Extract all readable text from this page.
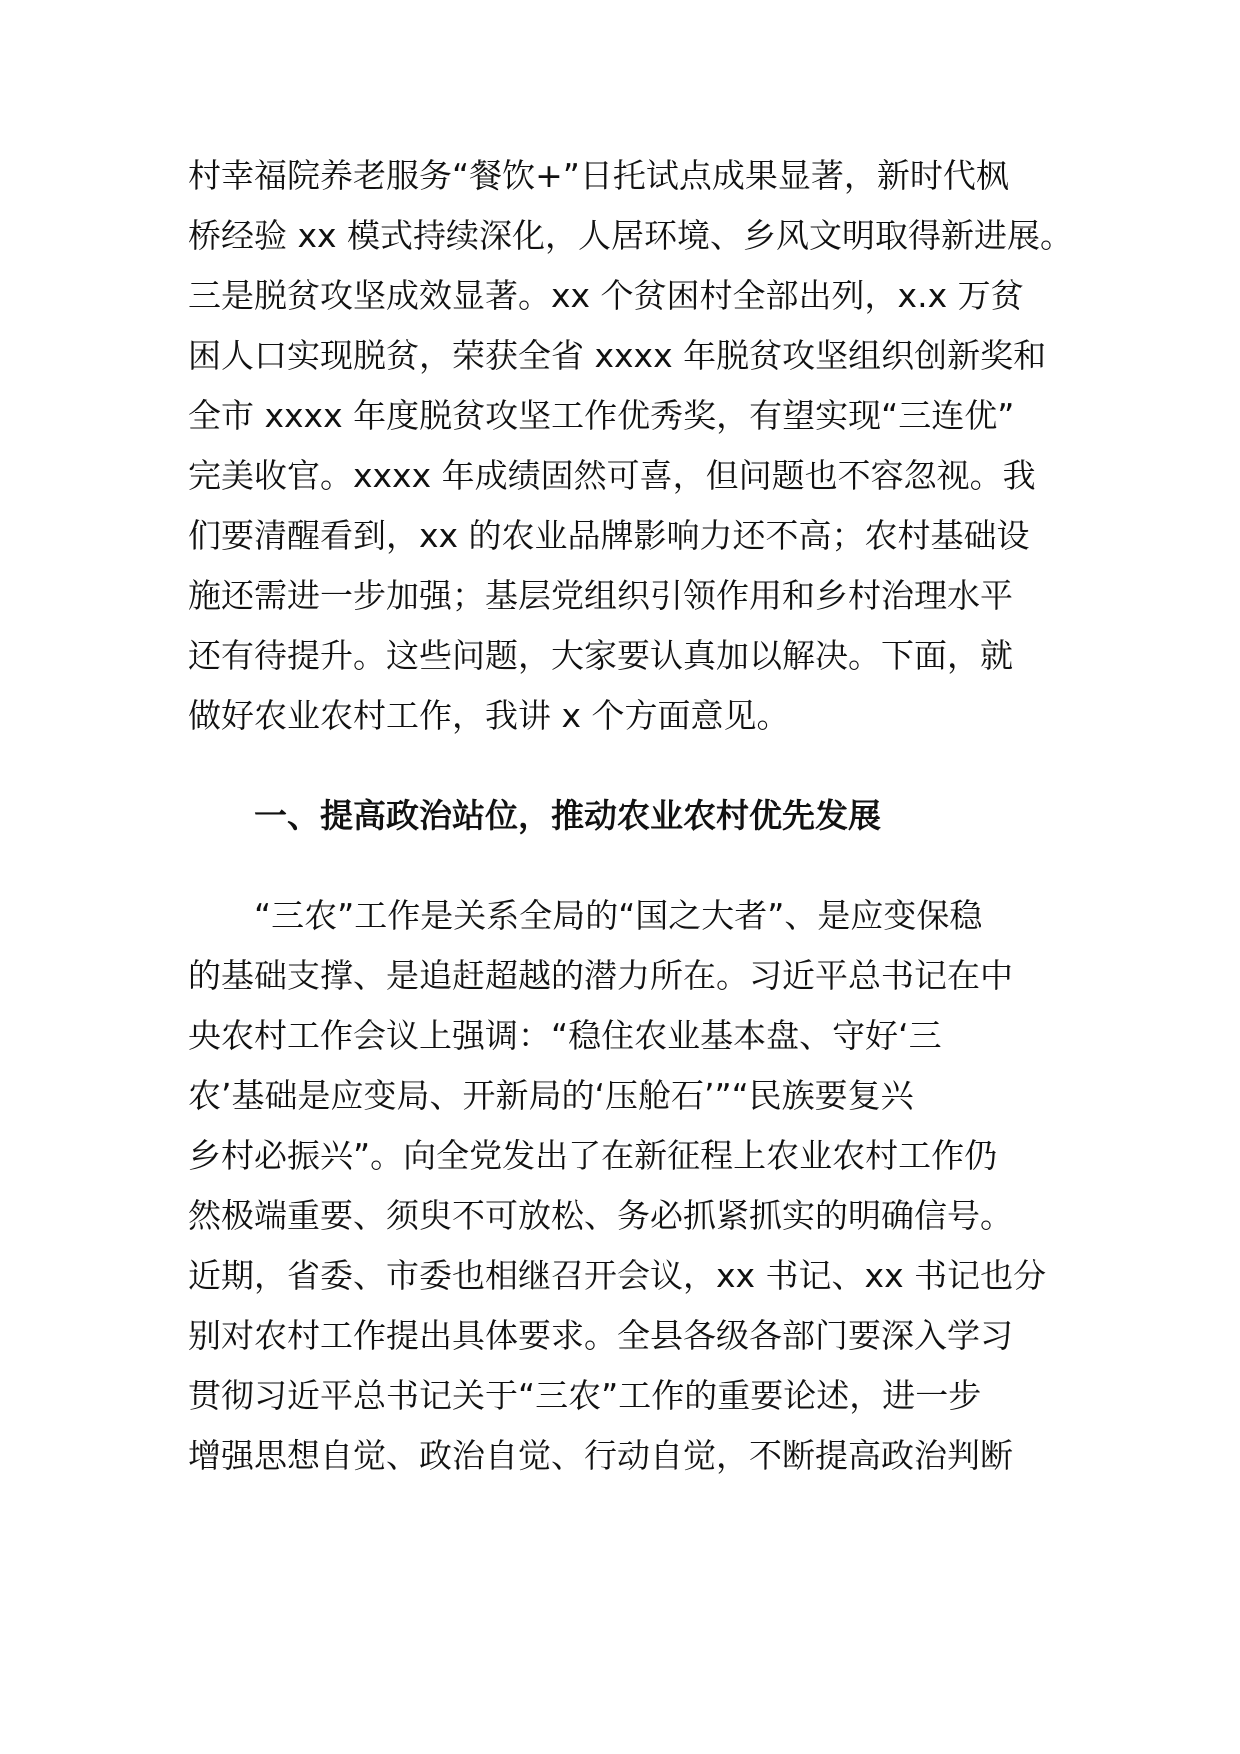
村幸福院养老服务“餐饮+”日托试点成果显著，新时代枫
桥经验 xx 模式持续深化，人居环境、乡风文明取得新进展。
三是脱贫攻坚成效显著。xx 个贫困村全部出列，x.x 万贫
困人口实现脱贫，荣获全省 xxxx 年脱贫攻坚组织创新奖和
全市 xxxx 年度脱贫攻坚工作优秀奖，有望实现“三连优”
完美收官。xxxx 年成绩固然可喜，但问题也不容忽视。我
们要清醒看到，xx 的农业品牌影响力还不高；农村基础设
施还需进一步加强；基层党组织引领作用和乡村治理水平
还有待提升。这些问题，大家要认真加以解决。下面，就
做好农业农村工作，我讲 x 个方面意见。
一、提高政治站位，推动农业农村优先发展
“三农”工作是关系全局的“国之大者”、是应变保稳
的基础支撑、是追赶超越的潜力所在。习近平总书记在中
央农村工作会议上强调：“稳住农业基本盘、守好‘三
农’基础是应变局、开新局的‘压舱石’”“民族要复兴
乡村必振兴”。向全党发出了在新征程上农业农村工作仍
然极端重要、须臾不可放松、务必抓紧抓实的明确信号。
近期，省委、市委也相继召开会议，xx 书记、xx 书记也分
别对农村工作提出具体要求。全县各级各部门要深入学习
贯彻习近平总书记关于“三农”工作的重要论述，进一步
增强思想自觉、政治自觉、行动自觉，不断提高政治判断
